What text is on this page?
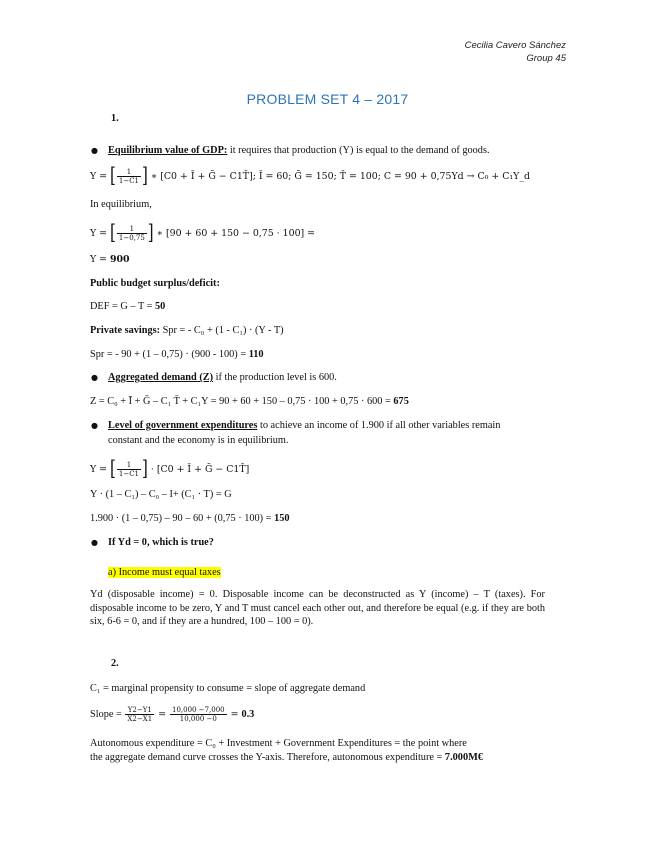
Cecilia Cavero Sánchez
Group 45
PROBLEM SET 4 – 2017
1.
● Equilibrium value of GDP: it requires that production (Y) is equal to the demand of goods.
Y = [ $\frac{1}{1-C1}$ ] ∗ [C0 + Ī + Ḡ − C1T̄]; Ī = 60; Ḡ = 150; T̄ = 100; C = 90 + 0,75Yd → C₀ + C₁Y_d
In equilibrium,
Y = [ $\frac{1}{1-0,75}$ ] ∗ [90 + 60 + 150 − 0,75 · 100] =
Y = 900
Public budget surplus/deficit:
DEF = G – T = 50
Private savings: Spr = - C₀ + (1 - C₁) · (Y - T)
Spr = - 90 + (1 – 0,75) · (900 - 100) = 110
● Aggregated demand (Z) if the production level is 600.
Z = C₀ + Ī + Ḡ – C₁ T̄ + C₁Y = 90 + 60 + 150 – 0,75 · 100 + 0,75 · 600 = 675
● Level of government expenditures to achieve an income of 1.900 if all other variables remain
constant and the economy is in equilibrium.
Y = [ $\frac{1}{1-C1}$ ] · [C0 + Ī + Ḡ − C1T̄]
Y · (1 – C₁) – C₀ – I+ (C₁ · T) = G
1.900 · (1 – 0,75) – 90 – 60 + (0,75 · 100) = 150
● If Yd = 0, which is true?
a) Income must equal taxes
Yd (disposable income) = 0. Disposable income can be deconstructed as Y (income) – T (taxes). For disposable income to be zero, Y and T must cancel each other out, and therefore be equal (e.g. if they are both six, 6-6 = 0, and if they are a hundred, 100 – 100 = 0).
2.
C₁ = marginal propensity to consume = slope of aggregate demand
Slope = $\frac{Y2-Y1}{X2-X1} = \frac{10,000 -7,000}{10,000 -0} = 0.3$
Autonomous expenditure = C₀ + Investment + Government Expenditures = the point where
the aggregate demand curve crosses the Y-axis. Therefore, autonomous expenditure = 7.000M€
